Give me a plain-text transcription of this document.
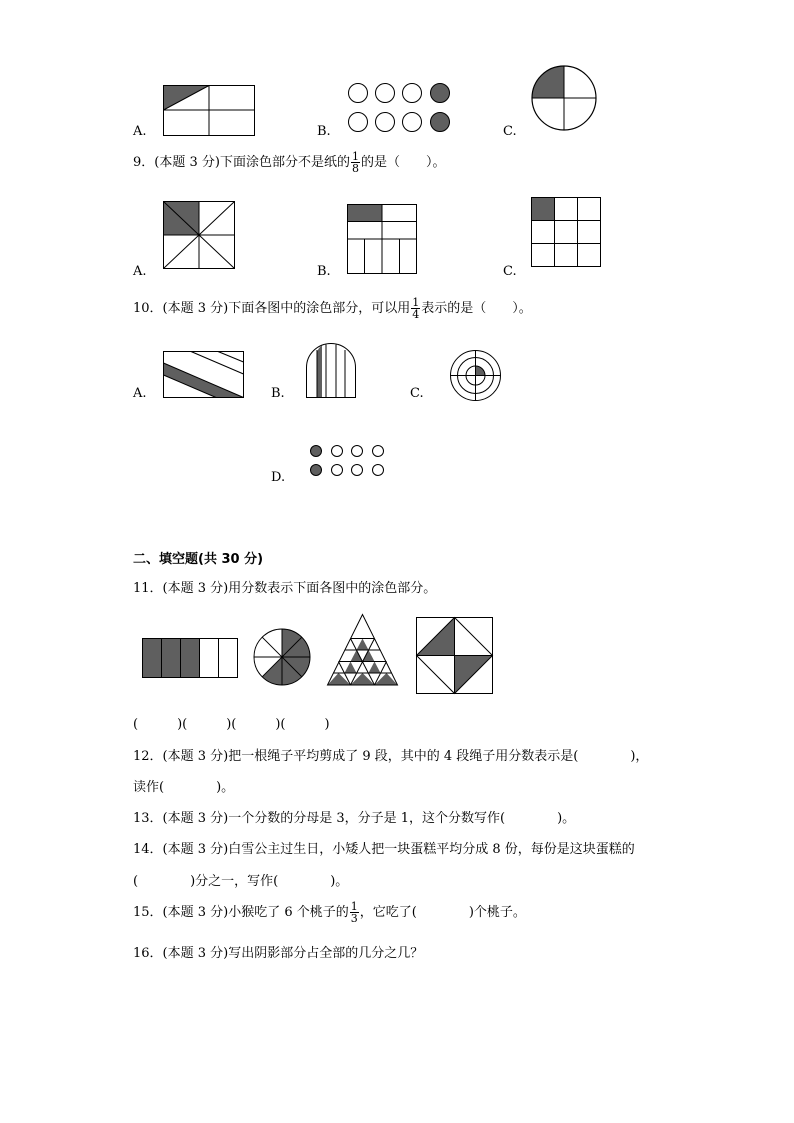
A.	B.	C.
9．(本题 3 分)下面涂色部分不是纸的 $\frac{1}{8}$ 的是（　　）。
A.	B.	C.
10．(本题 3 分)下面各图中的涂色部分，可以用 $\frac{1}{4}$ 表示的是（　　）。
A.	B.	C.
D.
二、填空题(共 30 分)
11．(本题 3 分)用分数表示下面各图中的涂色部分。
(　　　)(　　　)(　　　)(　　　)
12．(本题 3 分)把一根绳子平均剪成了 9 段，其中的 4 段绳子用分数表示是(　　　　)，
读作(　　　　)。
13．(本题 3 分)一个分数的分母是 3，分子是 1，这个分数写作(　　　　)。
14．(本题 3 分)白雪公主过生日，小矮人把一块蛋糕平均分成 8 份，每份是这块蛋糕的
(　　　　)分之一，写作(　　　　)。
15．(本题 3 分)小猴吃了 6 个桃子的 $\frac{1}{3}$ ，它吃了(　　　　)个桃子。
16．(本题 3 分)写出阴影部分占全部的几分之几？
